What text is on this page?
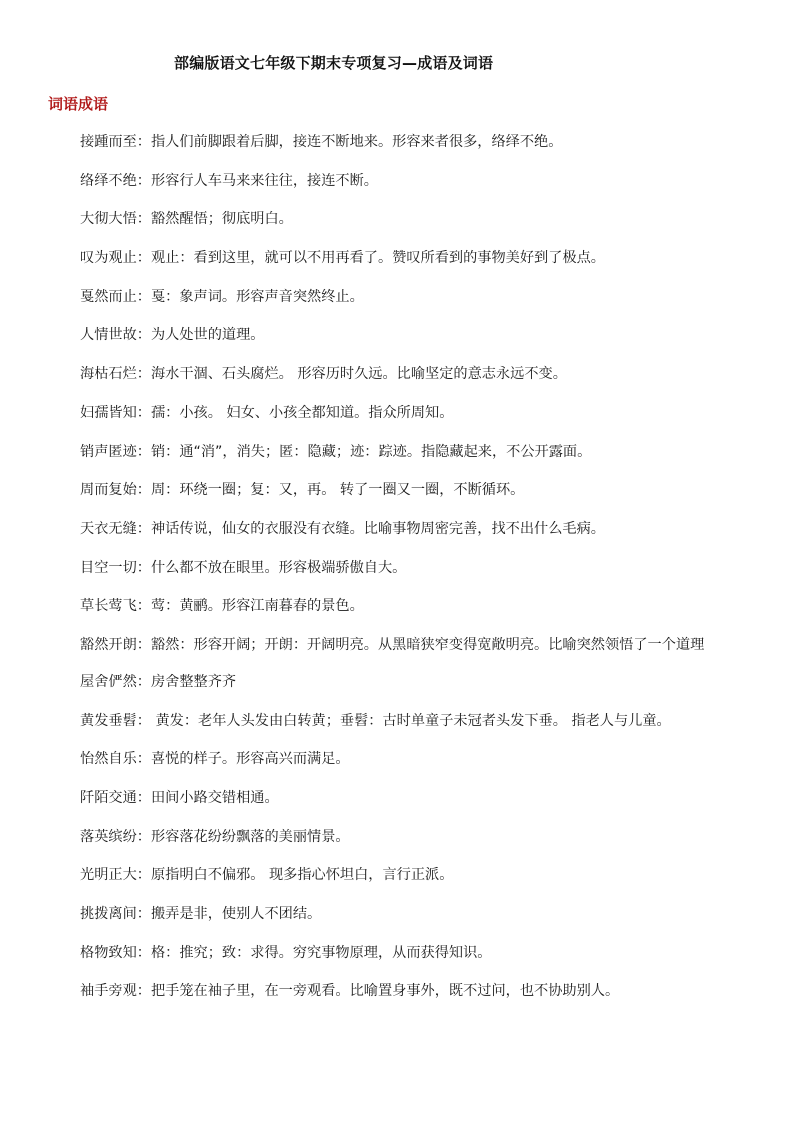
部编版语文七年级下期末专项复习—成语及词语
词语成语
接踵而至：指人们前脚跟着后脚，接连不断地来。形容来者很多，络绎不绝。
络绎不绝：形容行人车马来来往往，接连不断。
大彻大悟：豁然醒悟；彻底明白。
叹为观止：观止：看到这里，就可以不用再看了。赞叹所看到的事物美好到了极点。
戛然而止：戛：象声词。形容声音突然终止。
人情世故：为人处世的道理。
海枯石烂：海水干涸、石头腐烂。 形容历时久远。比喻坚定的意志永远不变。
妇孺皆知：孺：小孩。 妇女、小孩全都知道。指众所周知。
销声匿迹：销：通“消”，消失；匿：隐藏；迹：踪迹。指隐藏起来，不公开露面。
周而复始：周：环绕一圈；复：又，再。 转了一圈又一圈，不断循环。
天衣无缝：神话传说，仙女的衣服没有衣缝。比喻事物周密完善，找不出什么毛病。
目空一切：什么都不放在眼里。形容极端骄傲自大。
草长莺飞：莺：黄鹂。形容江南暮春的景色。
豁然开朗：豁然：形容开阔；开朗：开阔明亮。从黑暗狭窄变得宽敞明亮。比喻突然领悟了一个道理
屋舍俨然：房舍整整齐齐
黄发垂髫： 黄发：老年人头发由白转黄；垂髫：古时单童子未冠者头发下垂。 指老人与儿童。
怡然自乐：喜悦的样子。形容高兴而满足。
阡陌交通：田间小路交错相通。
落英缤纷：形容落花纷纷飘落的美丽情景。
光明正大：原指明白不偏邪。 现多指心怀坦白，言行正派。
挑拨离间：搬弄是非，使别人不团结。
格物致知：格：推究；致：求得。穷究事物原理，从而获得知识。
袖手旁观：把手笼在袖子里，在一旁观看。比喻置身事外，既不过问，也不协助别人。
